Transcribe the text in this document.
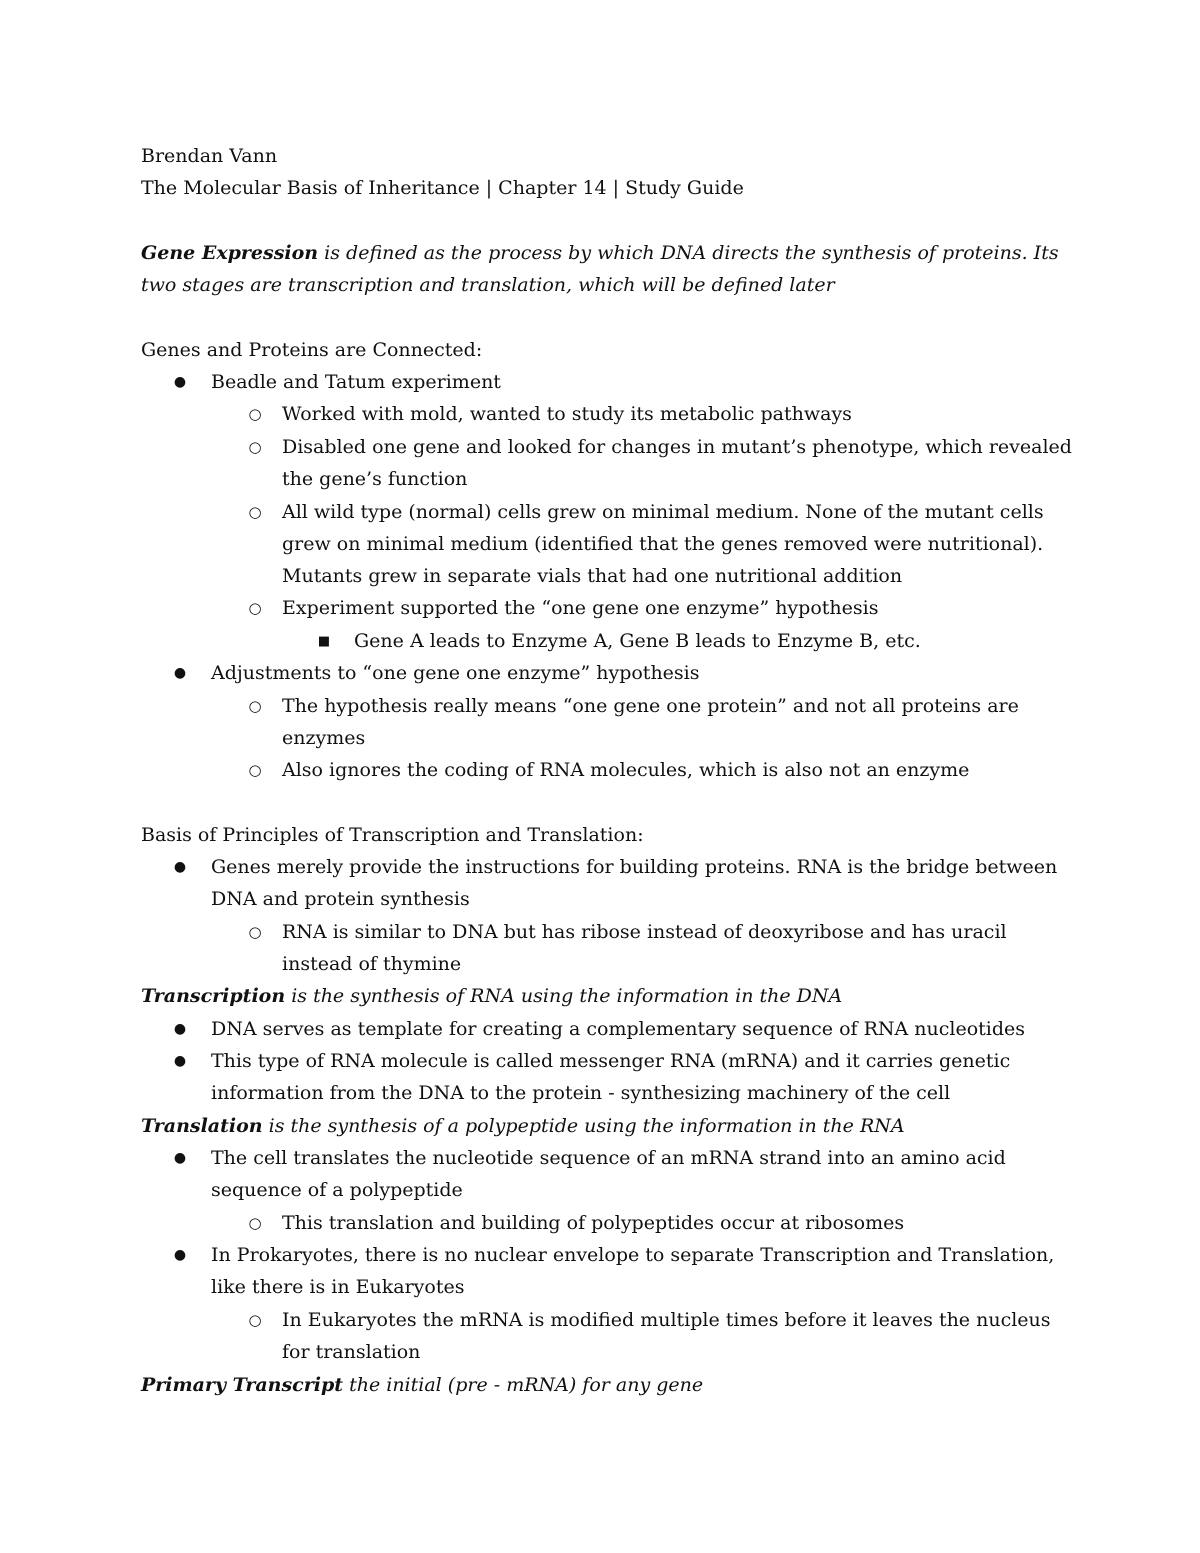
Brendan Vann
The Molecular Basis of Inheritance | Chapter 14 | Study Guide
Gene Expression is defined as the process by which DNA directs the synthesis of proteins. Its
two stages are transcription and translation, which will be defined later
Genes and Proteins are Connected:
● Beadle and Tatum experiment
○ Worked with mold, wanted to study its metabolic pathways
○ Disabled one gene and looked for changes in mutant’s phenotype, which revealed
the gene’s function
○ All wild type (normal) cells grew on minimal medium. None of the mutant cells
grew on minimal medium (identified that the genes removed were nutritional).
Mutants grew in separate vials that had one nutritional addition
○ Experiment supported the “one gene one enzyme” hypothesis
■ Gene A leads to Enzyme A, Gene B leads to Enzyme B, etc.
● Adjustments to “one gene one enzyme” hypothesis
○ The hypothesis really means “one gene one protein” and not all proteins are
enzymes
○ Also ignores the coding of RNA molecules, which is also not an enzyme
Basis of Principles of Transcription and Translation:
● Genes merely provide the instructions for building proteins. RNA is the bridge between
DNA and protein synthesis
○ RNA is similar to DNA but has ribose instead of deoxyribose and has uracil
instead of thymine
Transcription is the synthesis of RNA using the information in the DNA
● DNA serves as template for creating a complementary sequence of RNA nucleotides
● This type of RNA molecule is called messenger RNA (mRNA) and it carries genetic
information from the DNA to the protein - synthesizing machinery of the cell
Translation is the synthesis of a polypeptide using the information in the RNA
● The cell translates the nucleotide sequence of an mRNA strand into an amino acid
sequence of a polypeptide
○ This translation and building of polypeptides occur at ribosomes
● In Prokaryotes, there is no nuclear envelope to separate Transcription and Translation,
like there is in Eukaryotes
○ In Eukaryotes the mRNA is modified multiple times before it leaves the nucleus
for translation
Primary Transcript the initial (pre - mRNA) for any gene
